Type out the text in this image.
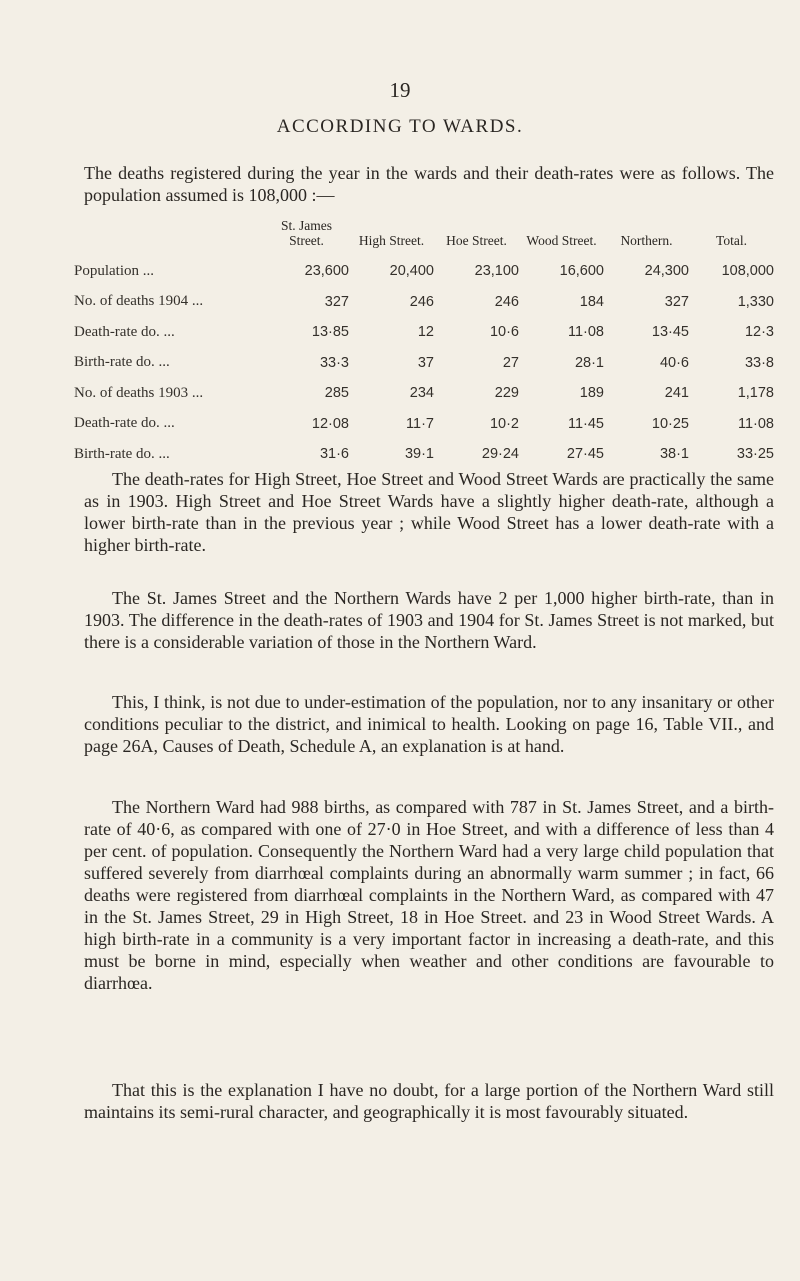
19
ACCORDING TO WARDS.

The deaths registered during the year in the wards and their death-rates were as follows. The population assumed is 108,000 :—

	St. James Street.	High Street.	Hoe Street.	Wood Street.	Northern.	Total.
Population ...	23,600	20,400	23,100	16,600	24,300	108,000
No. of deaths 1904 ...	327	246	246	184	327	1,330
Death-rate do. ...	13·85	12	10·6	11·08	13·45	12·3
Birth-rate do. ...	33·3	37	27	28·1	40·6	33·8
No. of deaths 1903 ...	285	234	229	189	241	1,178
Death-rate do. ...	12·08	11·7	10·2	11·45	10·25	11·08
Birth-rate do. ...	31·6	39·1	29·24	27·45	38·1	33·25

The death-rates for High Street, Hoe Street and Wood Street Wards are practically the same as in 1903. High Street and Hoe Street Wards have a slightly higher death-rate, although a lower birth-rate than in the previous year ; while Wood Street has a lower death-rate with a higher birth-rate.

The St. James Street and the Northern Wards have 2 per 1,000 higher birth-rate, than in 1903. The difference in the death-rates of 1903 and 1904 for St. James Street is not marked, but there is a considerable variation of those in the Northern Ward.

This, I think, is not due to under-estimation of the population, nor to any insanitary or other conditions peculiar to the district, and inimical to health. Looking on page 16, Table VII., and page 26A, Causes of Death, Schedule A, an explanation is at hand.

The Northern Ward had 988 births, as compared with 787 in St. James Street, and a birth-rate of 40·6, as compared with one of 27·0 in Hoe Street, and with a difference of less than 4 per cent. of population. Consequently the Northern Ward had a very large child population that suffered severely from diarrhœal complaints during an abnormally warm summer ; in fact, 66 deaths were registered from diarrhœal complaints in the Northern Ward, as compared with 47 in the St. James Street, 29 in High Street, 18 in Hoe Street. and 23 in Wood Street Wards. A high birth-rate in a community is a very important factor in increasing a death-rate, and this must be borne in mind, especially when weather and other conditions are favourable to diarrhœa.

That this is the explanation I have no doubt, for a large portion of the Northern Ward still maintains its semi-rural character, and geographically it is most favourably situated.
